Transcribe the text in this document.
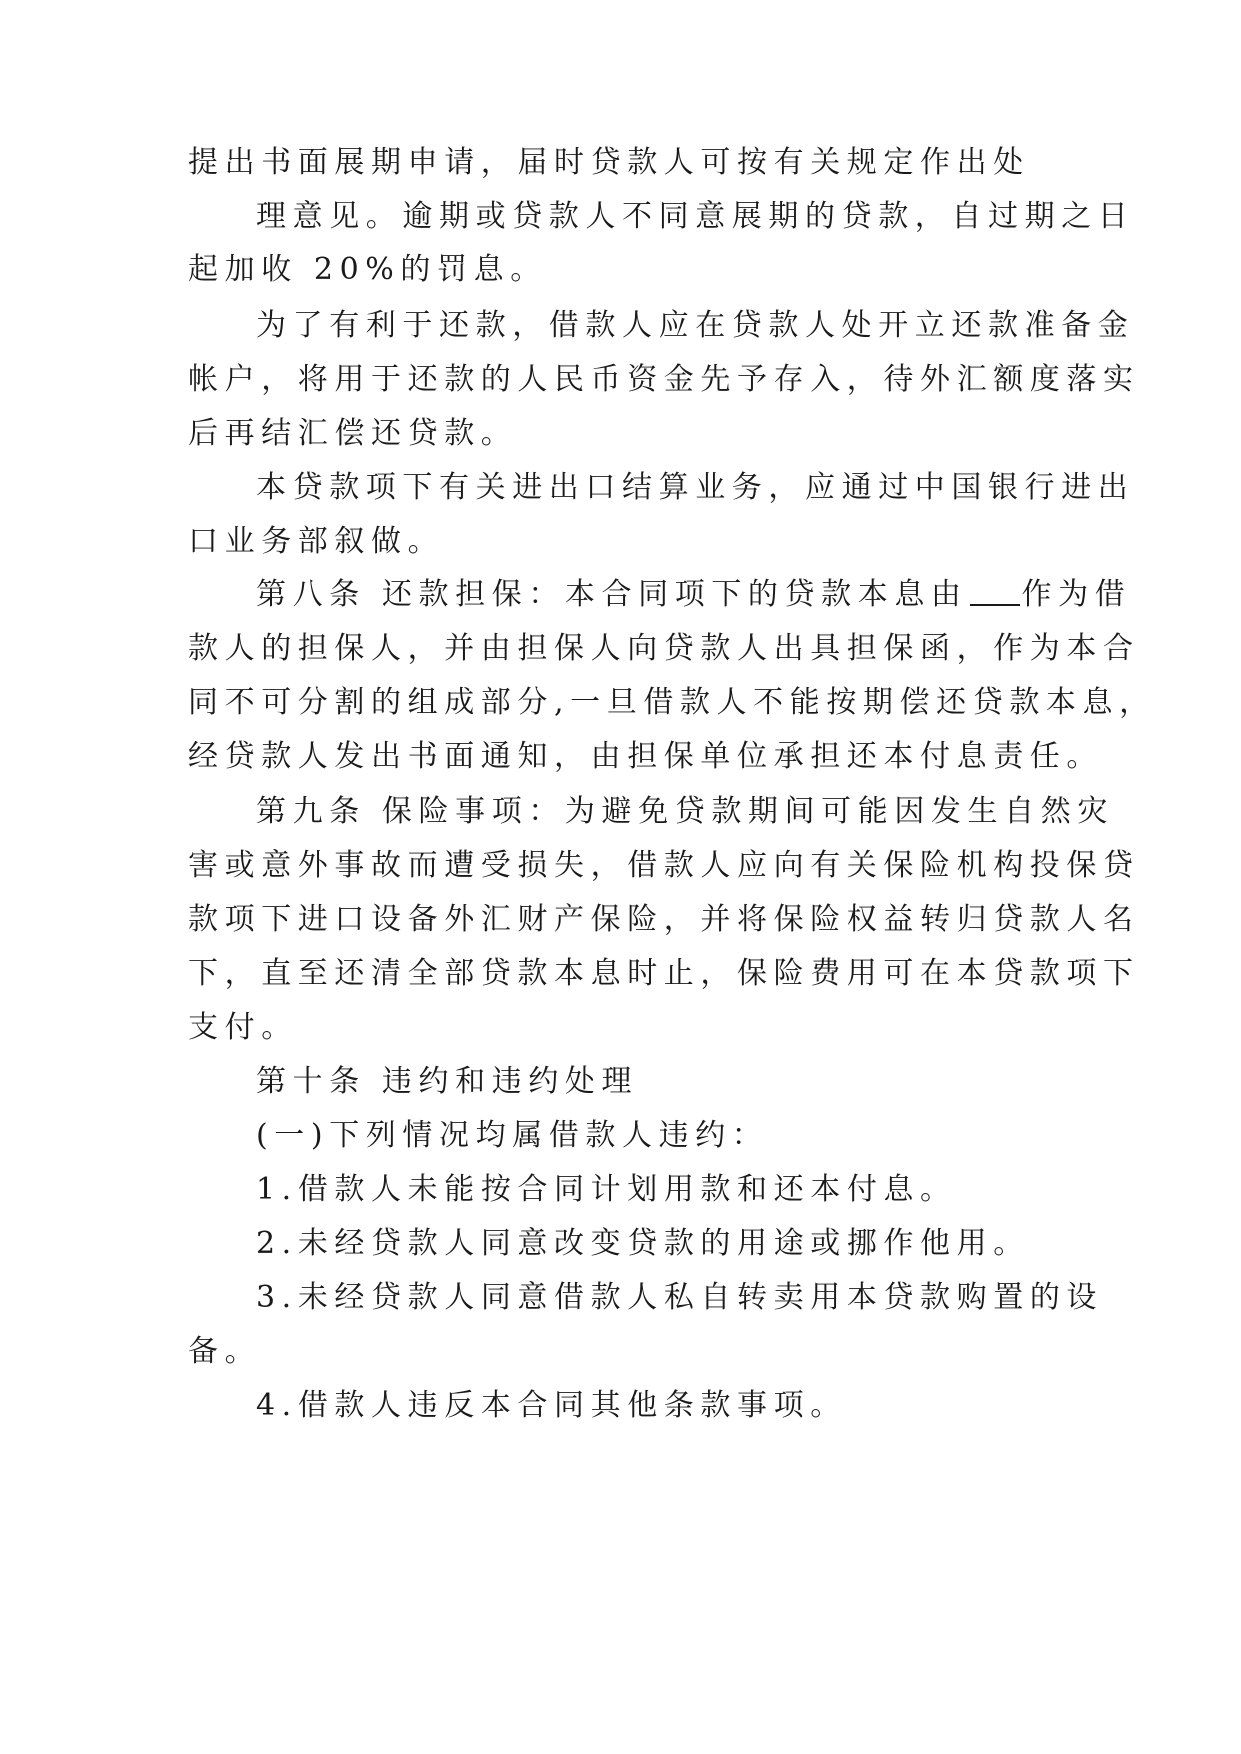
提出书面展期申请，届时贷款人可按有关规定作出处
理意见。逾期或贷款人不同意展期的贷款，自过期之日
起加收 20%的罚息。
为了有利于还款，借款人应在贷款人处开立还款准备金
帐户，将用于还款的人民币资金先予存入，待外汇额度落实
后再结汇偿还贷款。
本贷款项下有关进出口结算业务，应通过中国银行进出
口业务部叙做。
第八条 还款担保：本合同项下的贷款本息由 作为借
款人的担保人，并由担保人向贷款人出具担保函，作为本合
同不可分割的组成部分,一旦借款人不能按期偿还贷款本息，
经贷款人发出书面通知，由担保单位承担还本付息责任。
第九条 保险事项：为避免贷款期间可能因发生自然灾
害或意外事故而遭受损失，借款人应向有关保险机构投保贷
款项下进口设备外汇财产保险，并将保险权益转归贷款人名
下，直至还清全部贷款本息时止，保险费用可在本贷款项下
支付。
第十条 违约和违约处理
(一)下列情况均属借款人违约：
1.借款人未能按合同计划用款和还本付息。
2.未经贷款人同意改变贷款的用途或挪作他用。
3.未经贷款人同意借款人私自转卖用本贷款购置的设
备。
4.借款人违反本合同其他条款事项。
